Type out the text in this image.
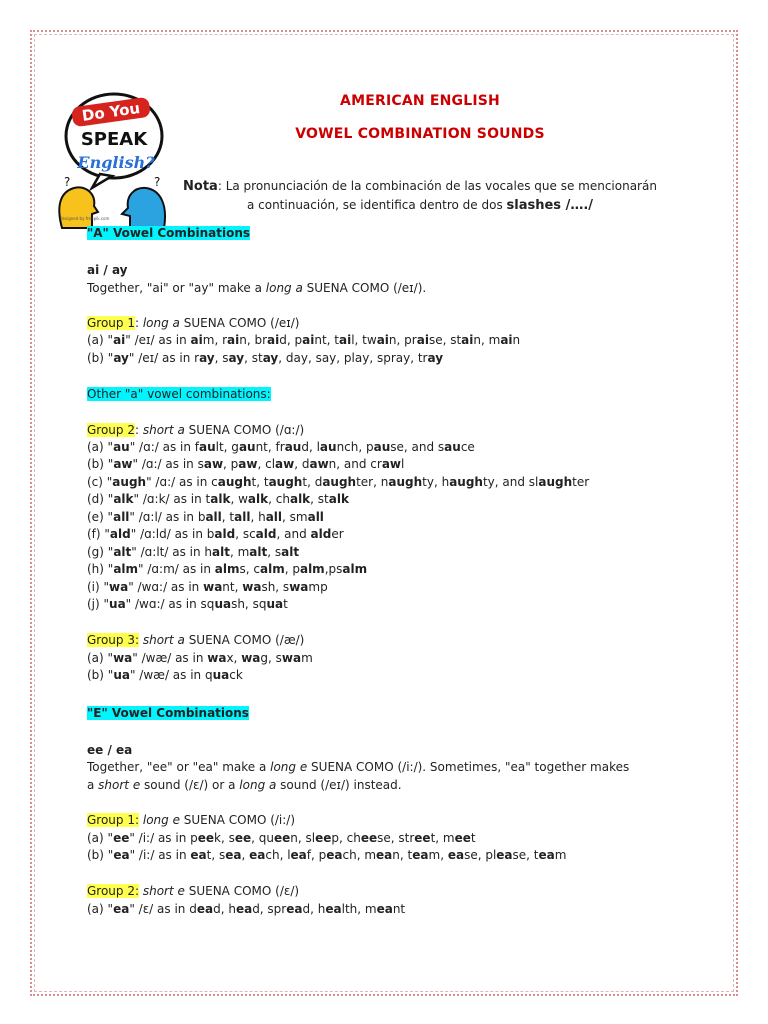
Do You
SPEAK
English?
?	?
designed by freepik.com
AMERICAN ENGLISH
VOWEL COMBINATION SOUNDS
Nota: La pronunciación de la combinación de las vocales que se mencionarán
a continuación, se identifica dentro de dos slashes /…./
"A" Vowel Combinations
ai / ay
Together, "ai" or "ay" make a long a SUENA COMO (/eɪ/).
Group 1: long a SUENA COMO (/eɪ/)
(a) "ai" /eɪ/ as in aim, rain, braid, paint, tail, twain, praise, stain, main
(b) "ay" /eɪ/ as in ray, say, stay, day, say, play, spray, tray
Other "a" vowel combinations:
Group 2: short a SUENA COMO (/ɑ:/)
(a) "au" /ɑ:/ as in fault, gaunt, fraud, launch, pause, and sauce
(b) "aw" /ɑ:/ as in saw, paw, claw, dawn, and crawl
(c) "augh" /ɑ:/ as in caught, taught, daughter, naughty, haughty, and slaughter
(d) "alk" /ɑ:k/ as in talk, walk, chalk, stalk
(e) "all" /ɑ:l/ as in ball, tall, hall, small
(f) "ald" /ɑ:ld/ as in bald, scald, and alder
(g) "alt" /ɑ:lt/ as in halt, malt, salt
(h) "alm" /ɑ:m/ as in alms, calm, palm,psalm
(i) "wa" /wɑ:/ as in want, wash, swamp
(j) "ua" /wɑ:/ as in squash, squat
Group 3: short a SUENA COMO (/æ/)
(a) "wa" /wæ/ as in wax, wag, swam
(b) "ua" /wæ/ as in quack
"E" Vowel Combinations
ee / ea
Together, "ee" or "ea" make a long e SUENA COMO (/i:/). Sometimes, "ea" together makes
a short e sound (/ɛ/) or a long a sound (/eɪ/) instead.
Group 1: long e SUENA COMO (/i:/)
(a) "ee" /i:/ as in peek, see, queen, sleep, cheese, street, meet
(b) "ea" /i:/ as in eat, sea, each, leaf, peach, mean, team, ease, please, team
Group 2: short e SUENA COMO (/ɛ/)
(a) "ea" /ɛ/ as in dead, head, spread, health, meant
